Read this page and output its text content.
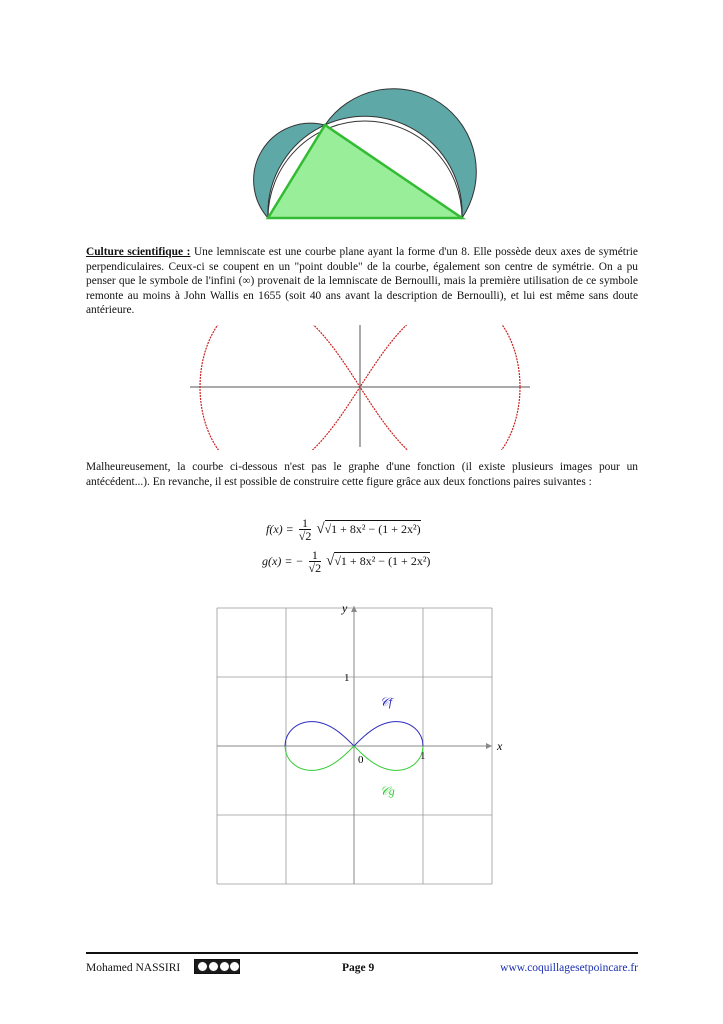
Culture scientifique : Une lemniscate est une courbe plane ayant la forme d'un 8. Elle possède deux axes de symétrie perpendiculaires. Ceux-ci se coupent en un "point double" de la courbe, également son centre de symétrie. On a pu penser que le symbole de l'infini (∞) provenait de la lemniscate de Bernoulli, mais la première utilisation de ce symbole remonte au moins à John Wallis en 1655 (soit 40 ans avant la description de Bernoulli), et lui est même sans doute antérieure.
Malheureusement, la courbe ci-dessous n'est pas le graphe d'une fonction (il existe plusieurs images pour un antécédent...). En revanche, il est possible de construire cette figure grâce aux deux fonctions paires suivantes :
$f(x) = \frac{1}{√2} √√1 + 8x^2 - (1 + 2x^2)$
g(x) = − $\frac{1}{√2} √√1 + 8x^2 - (1 + 2x^2)$
x
y
1
1
0
𝒞f
𝒞g
Mohamed NASSIRI	Page 9	www.coquillagesetpoincare.fr
